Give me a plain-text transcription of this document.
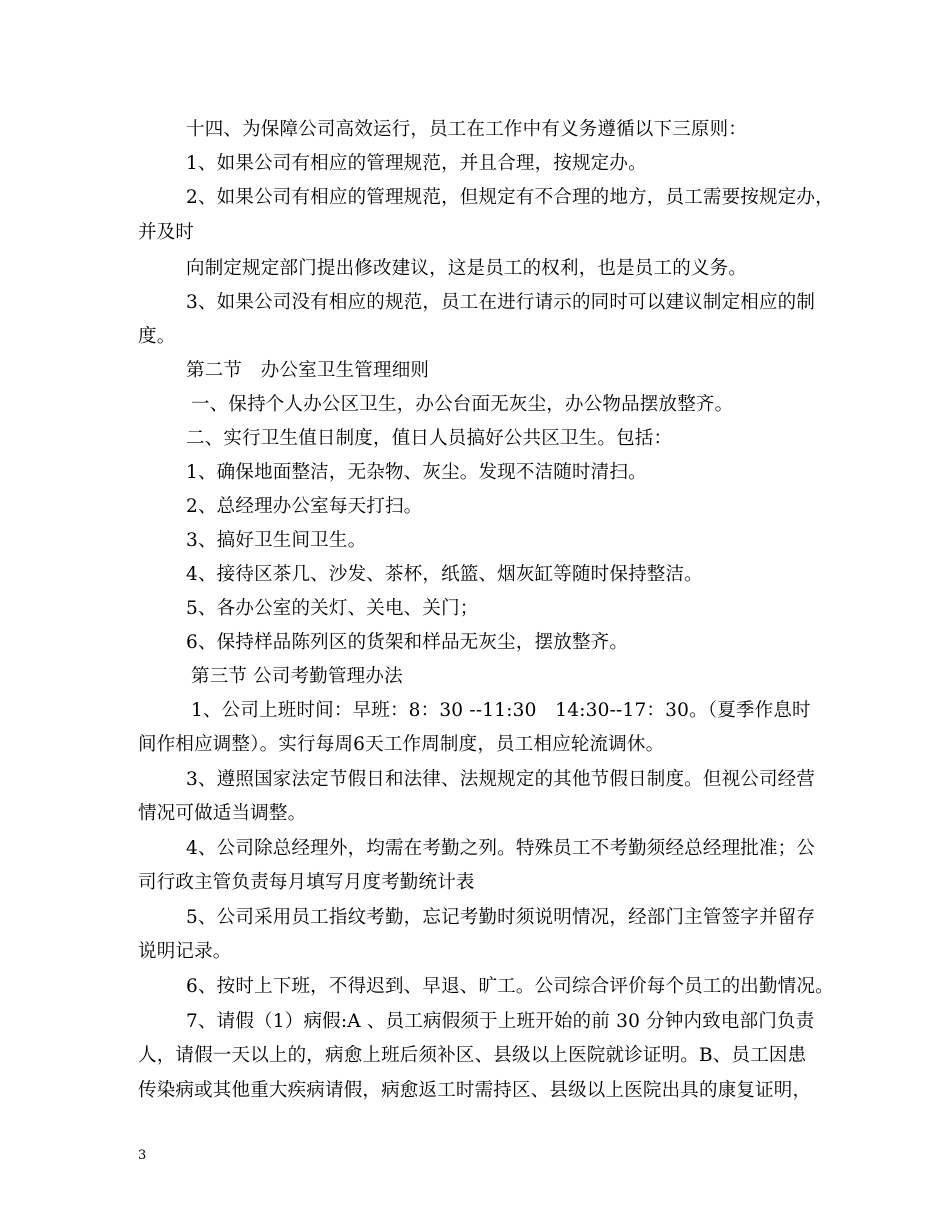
十四、为保障公司高效运行，员工在工作中有义务遵循以下三原则：
1、如果公司有相应的管理规范，并且合理，按规定办。
2、如果公司有相应的管理规范，但规定有不合理的地方，员工需要按规定办，
并及时
向制定规定部门提出修改建议，这是员工的权利，也是员工的义务。
3、如果公司没有相应的规范，员工在进行请示的同时可以建议制定相应的制
度。
第二节　办公室卫生管理细则
一、保持个人办公区卫生，办公台面无灰尘，办公物品摆放整齐。
二、实行卫生值日制度，值日人员搞好公共区卫生。包括：
1、确保地面整洁，无杂物、灰尘。发现不洁随时清扫。
2、总经理办公室每天打扫。
3、搞好卫生间卫生。
4、接待区茶几、沙发、茶杯，纸篮、烟灰缸等随时保持整洁。
5、各办公室的关灯、关电、关门；
6、保持样品陈列区的货架和样品无灰尘，摆放整齐。
第三节 公司考勤管理办法
1、公司上班时间：早班：8：30 --11:30　14:30--17：30。（夏季作息时
间作相应调整）。实行每周6天工作周制度，员工相应轮流调休。
3、遵照国家法定节假日和法律、法规规定的其他节假日制度。但视公司经营
情况可做适当调整。
4、公司除总经理外，均需在考勤之列。特殊员工不考勤须经总经理批准；公
司行政主管负责每月填写月度考勤统计表
5、公司采用员工指纹考勤，忘记考勤时须说明情况，经部门主管签字并留存
说明记录。
6、按时上下班，不得迟到、早退、旷工。公司综合评价每个员工的出勤情况。
7、请假（1）病假:A 、员工病假须于上班开始的前 30 分钟内致电部门负责
人，请假一天以上的，病愈上班后须补区、县级以上医院就诊证明。B、员工因患
传染病或其他重大疾病请假，病愈返工时需持区、县级以上医院出具的康复证明，
3
